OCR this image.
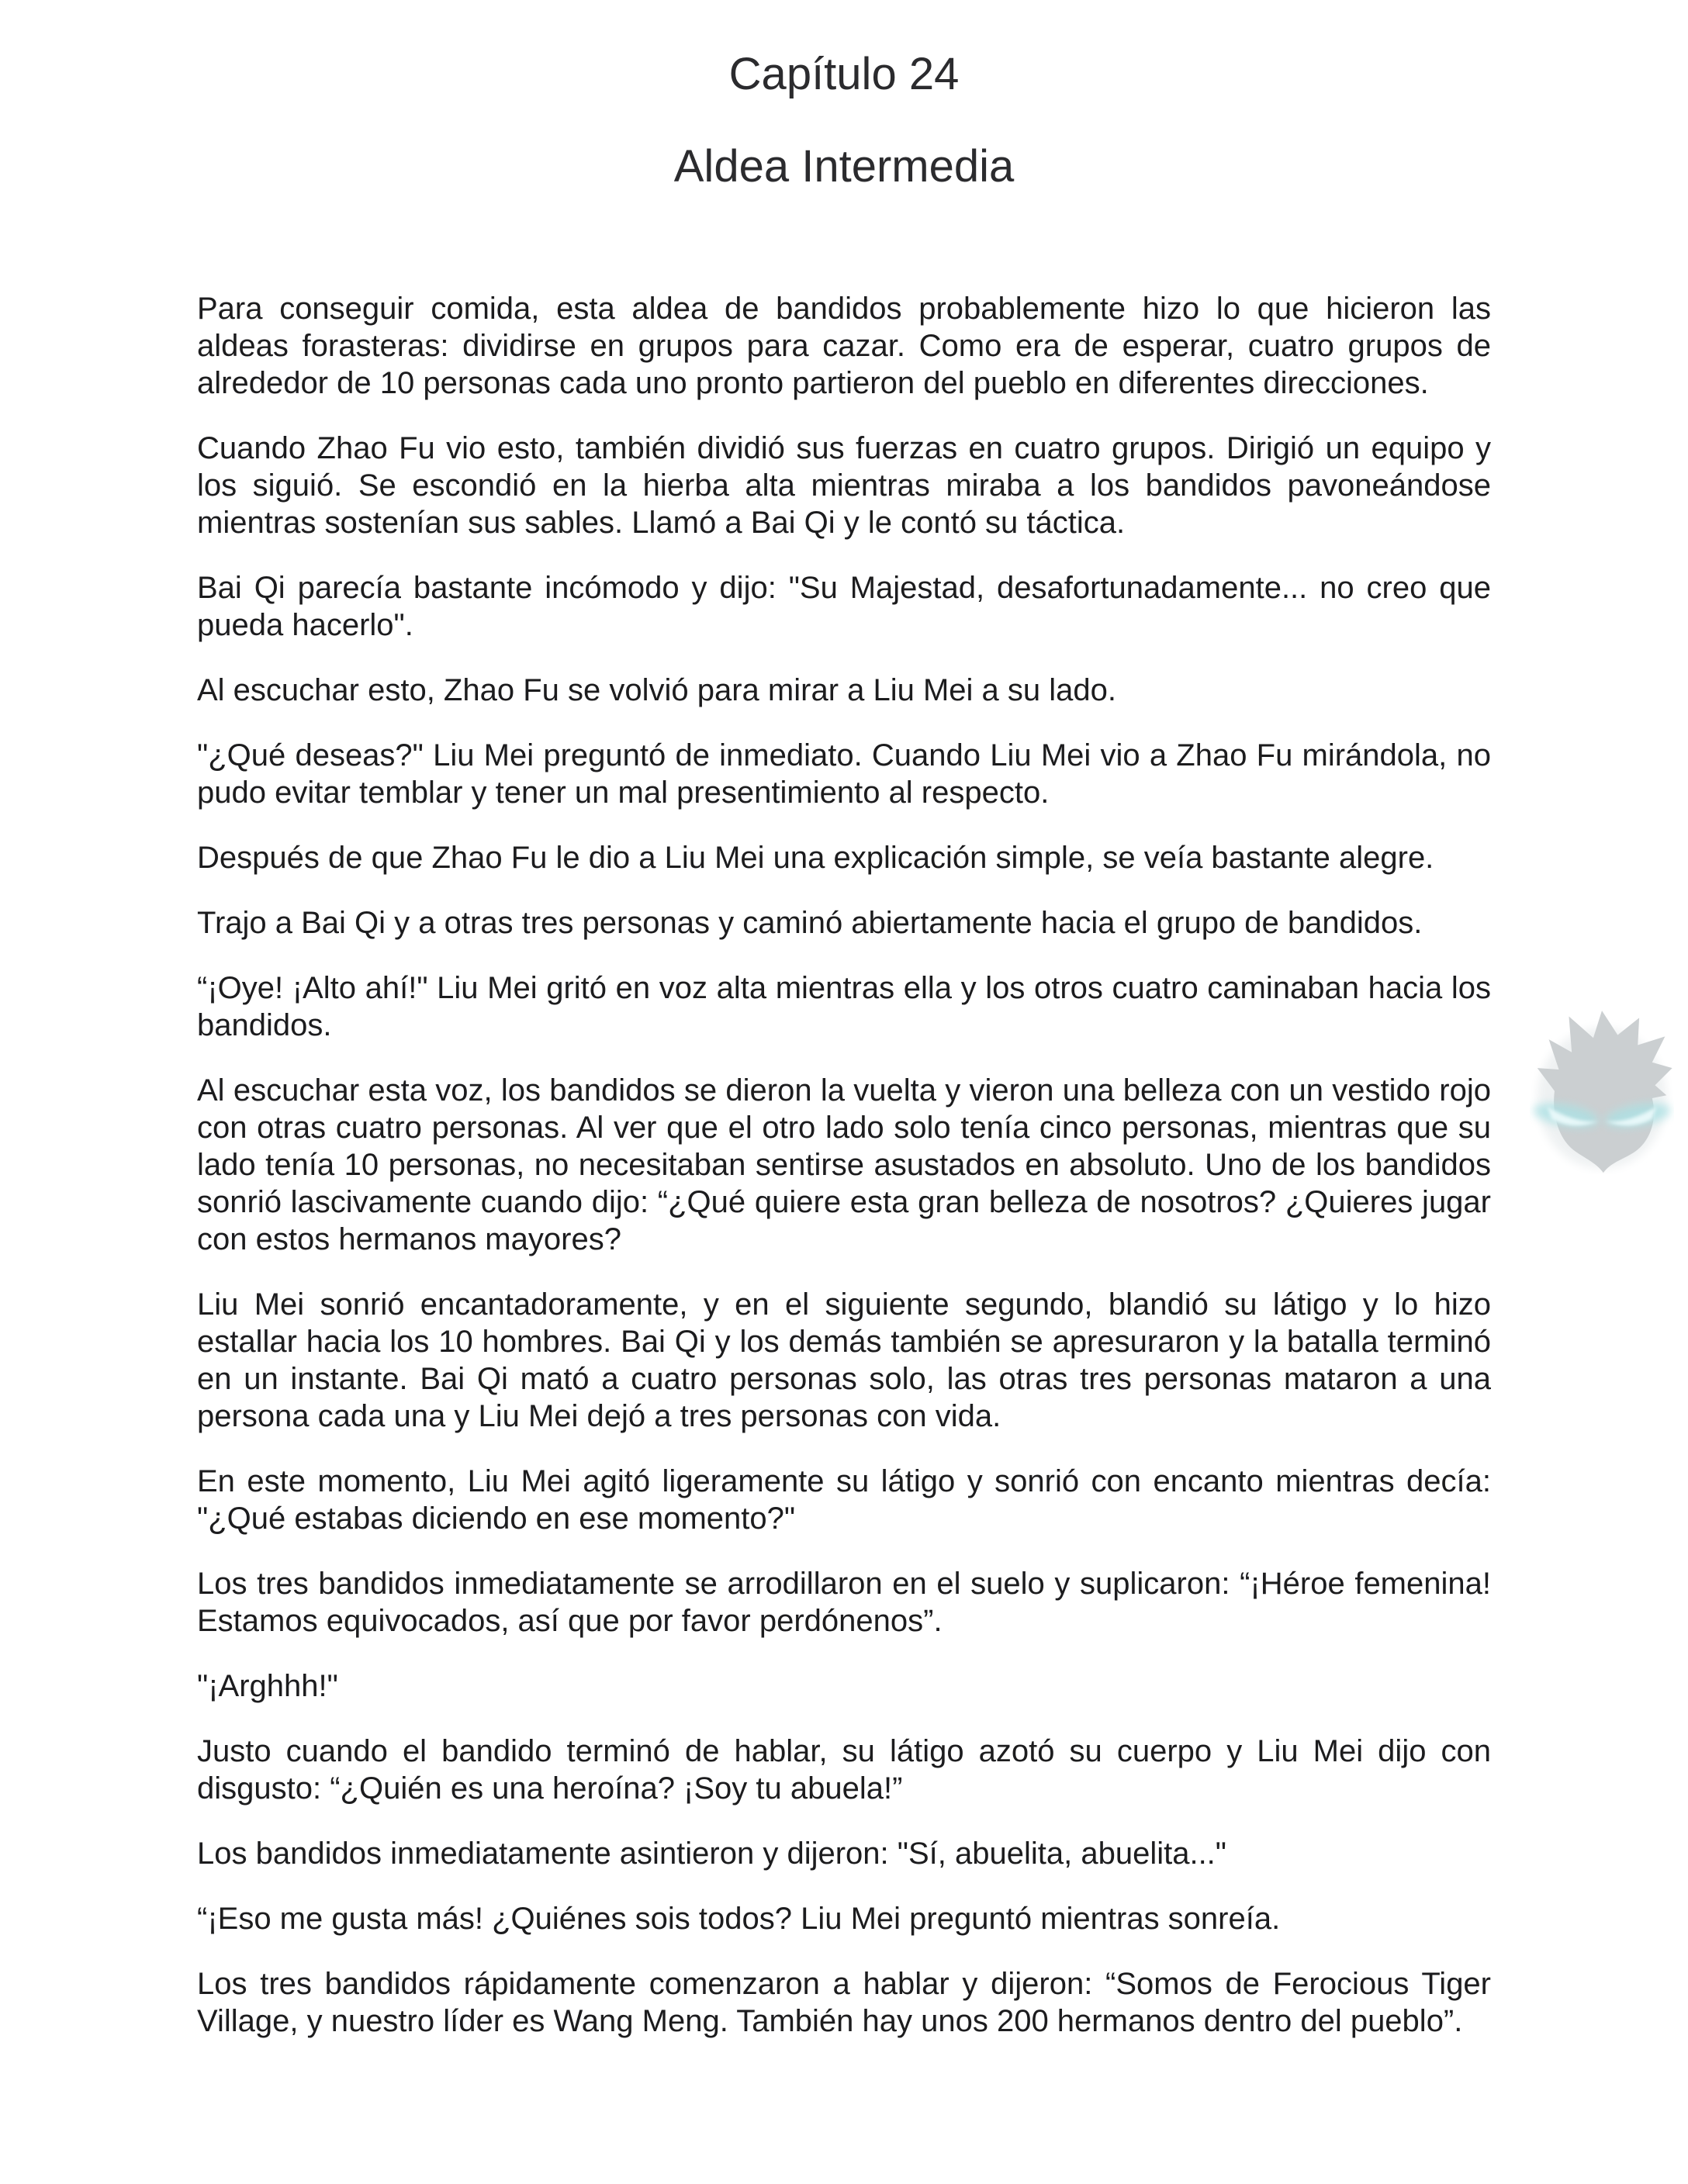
Capítulo 24
Aldea Intermedia

Para conseguir comida, esta aldea de bandidos probablemente hizo lo que hicieron las aldeas forasteras: dividirse en grupos para cazar. Como era de esperar, cuatro grupos de alrededor de 10 personas cada uno pronto partieron del pueblo en diferentes direcciones.

Cuando Zhao Fu vio esto, también dividió sus fuerzas en cuatro grupos. Dirigió un equipo y los siguió. Se escondió en la hierba alta mientras miraba a los bandidos pavoneándose mientras sostenían sus sables. Llamó a Bai Qi y le contó su táctica.

Bai Qi parecía bastante incómodo y dijo: "Su Majestad, desafortunadamente... no creo que pueda hacerlo".

Al escuchar esto, Zhao Fu se volvió para mirar a Liu Mei a su lado.

"¿Qué deseas?" Liu Mei preguntó de inmediato. Cuando Liu Mei vio a Zhao Fu mirándola, no pudo evitar temblar y tener un mal presentimiento al respecto.

Después de que Zhao Fu le dio a Liu Mei una explicación simple, se veía bastante alegre.

Trajo a Bai Qi y a otras tres personas y caminó abiertamente hacia el grupo de bandidos.

“¡Oye! ¡Alto ahí!" Liu Mei gritó en voz alta mientras ella y los otros cuatro caminaban hacia los bandidos.

Al escuchar esta voz, los bandidos se dieron la vuelta y vieron una belleza con un vestido rojo con otras cuatro personas. Al ver que el otro lado solo tenía cinco personas, mientras que su lado tenía 10 personas, no necesitaban sentirse asustados en absoluto. Uno de los bandidos sonrió lascivamente cuando dijo: “¿Qué quiere esta gran belleza de nosotros? ¿Quieres jugar con estos hermanos mayores?

Liu Mei sonrió encantadoramente, y en el siguiente segundo, blandió su látigo y lo hizo estallar hacia los 10 hombres. Bai Qi y los demás también se apresuraron y la batalla terminó en un instante. Bai Qi mató a cuatro personas solo, las otras tres personas mataron a una persona cada una y Liu Mei dejó a tres personas con vida.

En este momento, Liu Mei agitó ligeramente su látigo y sonrió con encanto mientras decía: "¿Qué estabas diciendo en ese momento?"

Los tres bandidos inmediatamente se arrodillaron en el suelo y suplicaron: “¡Héroe femenina! Estamos equivocados, así que por favor perdónenos”.

"¡Arghhh!"

Justo cuando el bandido terminó de hablar, su látigo azotó su cuerpo y Liu Mei dijo con disgusto: “¿Quién es una heroína? ¡Soy tu abuela!”

Los bandidos inmediatamente asintieron y dijeron: "Sí, abuelita, abuelita..."

“¡Eso me gusta más! ¿Quiénes sois todos? Liu Mei preguntó mientras sonreía.

Los tres bandidos rápidamente comenzaron a hablar y dijeron: “Somos de Ferocious Tiger Village, y nuestro líder es Wang Meng. También hay unos 200 hermanos dentro del pueblo”.
